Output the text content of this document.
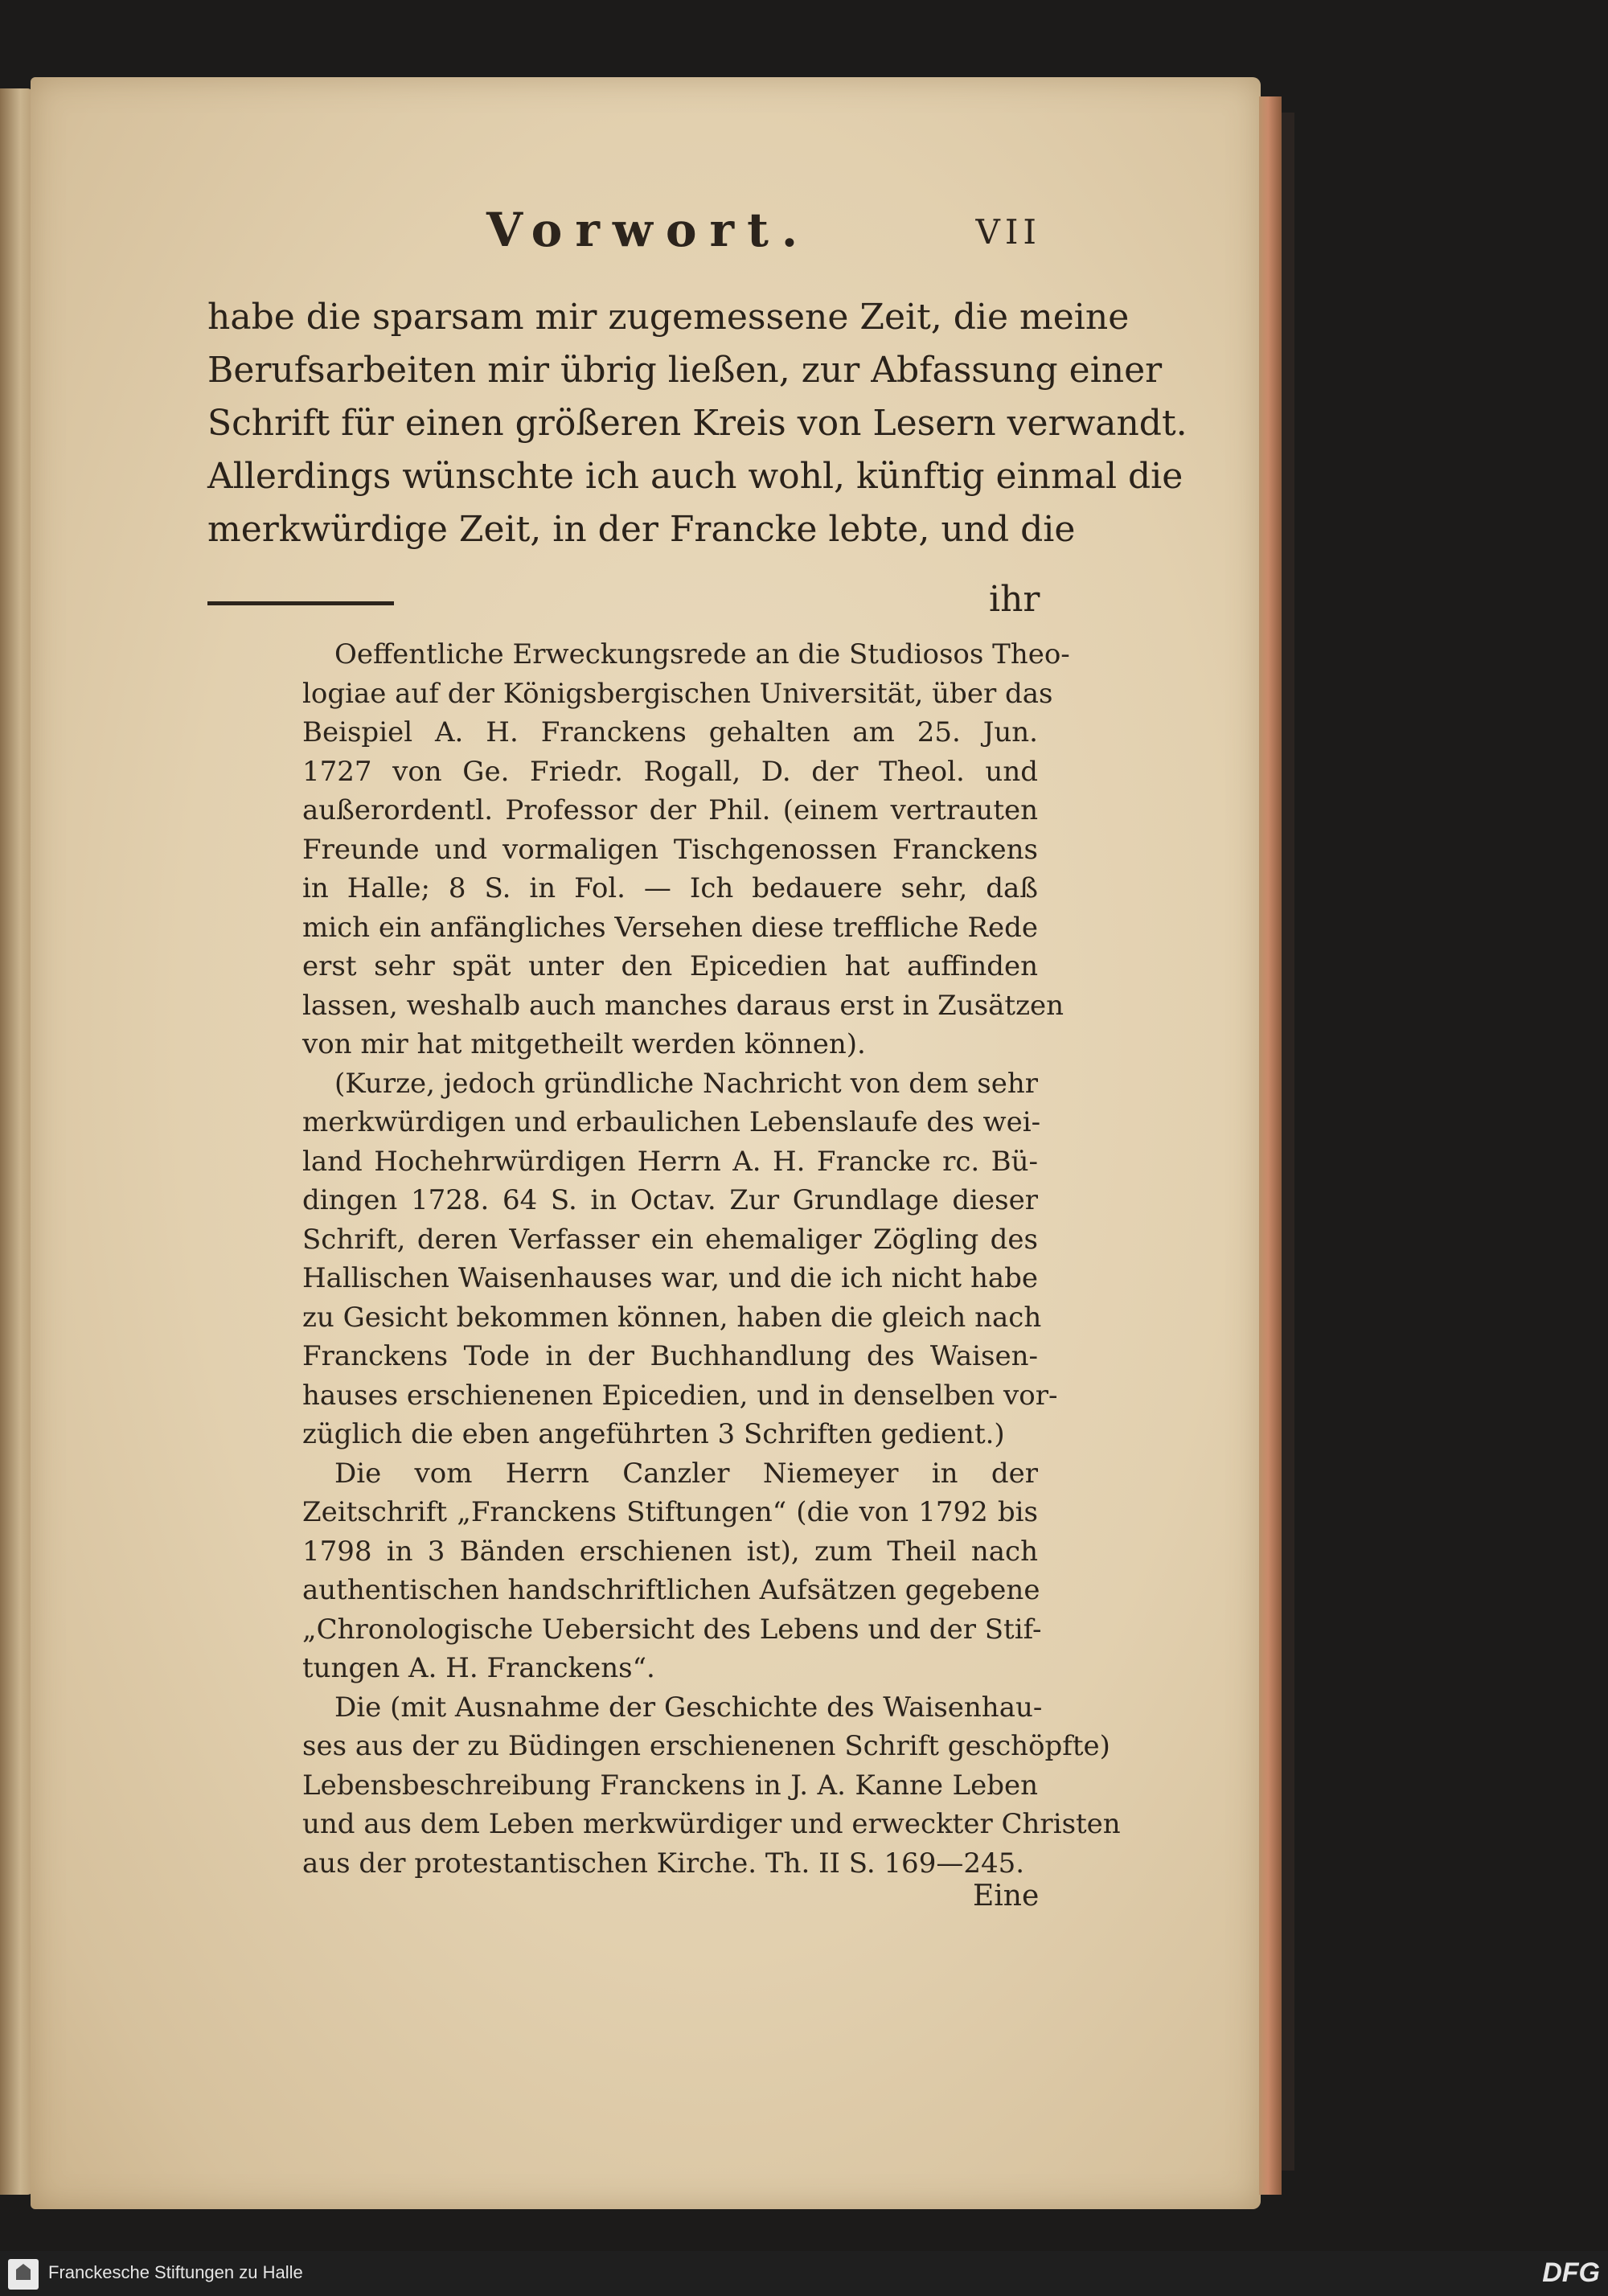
Vorwort.	VII
habe die sparsam mir zugemessene Zeit, die meine
Berufsarbeiten mir übrig ließen, zur Abfassung einer
Schrift für einen größeren Kreis von Lesern verwandt.
Allerdings wünschte ich auch wohl, künftig einmal die
merkwürdige Zeit, in der Francke lebte, und die
ihr
Oeffentliche Erweckungsrede an die Studiosos Theo-
logiae auf der Königsbergischen Universität, über das
Beispiel A. H. Franckens gehalten am 25. Jun.
1727 von Ge. Friedr. Rogall, D. der Theol. und
außerordentl. Professor der Phil. (einem vertrauten
Freunde und vormaligen Tischgenossen Franckens
in Halle; 8 S. in Fol. — Ich bedauere sehr, daß
mich ein anfängliches Versehen diese treffliche Rede
erst sehr spät unter den Epicedien hat auffinden
lassen, weshalb auch manches daraus erst in Zusätzen
von mir hat mitgetheilt werden können).
(Kurze, jedoch gründliche Nachricht von dem sehr
merkwürdigen und erbaulichen Lebenslaufe des wei-
land Hochehrwürdigen Herrn A. H. Francke rc. Bü-
dingen 1728. 64 S. in Octav. Zur Grundlage dieser
Schrift, deren Verfasser ein ehemaliger Zögling des
Hallischen Waisenhauses war, und die ich nicht habe
zu Gesicht bekommen können, haben die gleich nach
Franckens Tode in der Buchhandlung des Waisen-
hauses erschienenen Epicedien, und in denselben vor-
züglich die eben angeführten 3 Schriften gedient.)
Die vom Herrn Canzler Niemeyer in der
Zeitschrift „Franckens Stiftungen“ (die von 1792 bis
1798 in 3 Bänden erschienen ist), zum Theil nach
authentischen handschriftlichen Aufsätzen gegebene
„Chronologische Uebersicht des Lebens und der Stif-
tungen A. H. Franckens“.
Die (mit Ausnahme der Geschichte des Waisenhau-
ses aus der zu Büdingen erschienenen Schrift geschöpfte)
Lebensbeschreibung Franckens in J. A. Kanne Leben
und aus dem Leben merkwürdiger und erweckter Christen
aus der protestantischen Kirche. Th. II S. 169—245.
Eine
Franckesche Stiftungen zu Halle	DFG
